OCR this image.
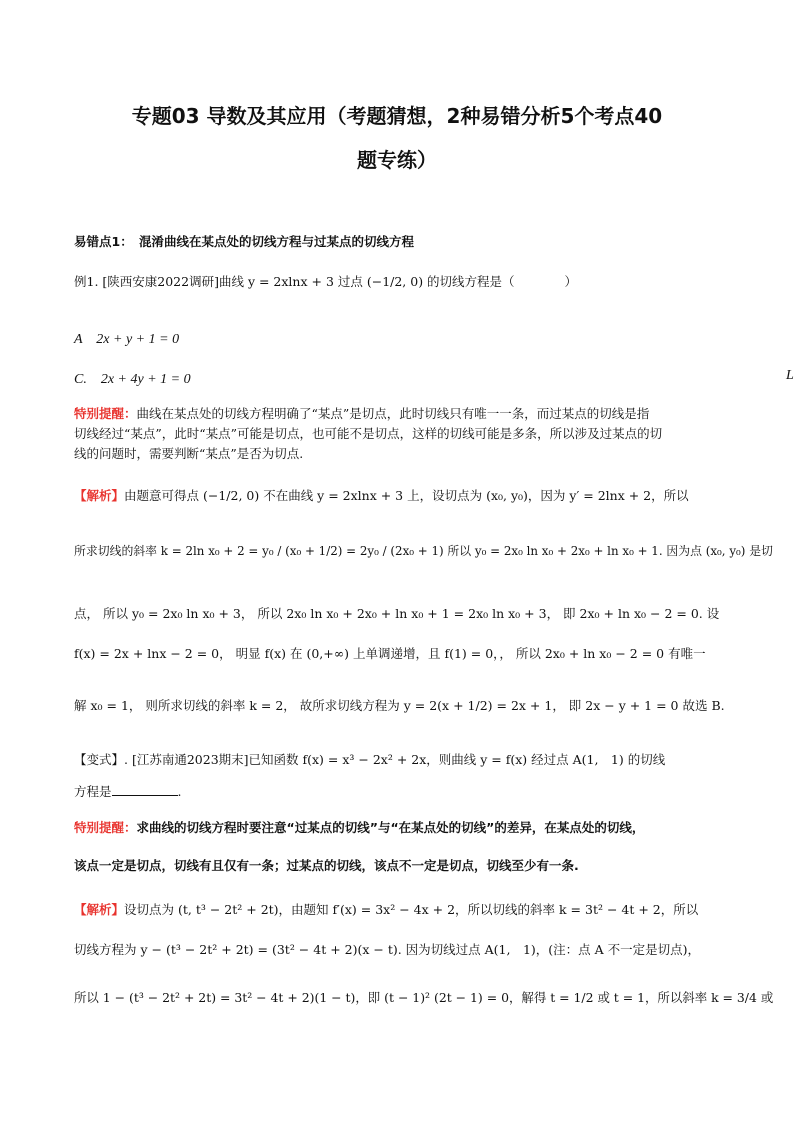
专题03 导数及其应用（考题猜想，2种易错分析5个考点40
题专练）
易错点1：　混淆曲线在某点处的切线方程与过某点的切线方程
例1. [陕西安康2022调研]曲线 y = 2xlnx + 3 过点 (−1/2, 0) 的切线方程是（　　　　）
A　2x + y + 1 = 0
C.　2x + 4y + 1 = 0	L
特别提醒：曲线在某点处的切线方程明确了“某点”是切点，此时切线只有唯一一条，而过某点的切线是指
切线经过“某点”，此时“某点”可能是切点，也可能不是切点，这样的切线可能是多条，所以涉及过某点的切
线的问题时，需要判断“某点”是否为切点.
【解析】由题意可得点 (−1/2, 0) 不在曲线 y = 2xlnx + 3 上，设切点为 (x₀, y₀)，因为 y′ = 2lnx + 2，所以
所求切线的斜率 k = 2ln x₀ + 2 = y₀ / (x₀ + 1/2) = 2y₀ / (2x₀ + 1) 所以 y₀ = 2x₀ ln x₀ + 2x₀ + ln x₀ + 1. 因为点 (x₀, y₀) 是切
点， 所以 y₀ = 2x₀ ln x₀ + 3， 所以 2x₀ ln x₀ + 2x₀ + ln x₀ + 1 = 2x₀ ln x₀ + 3， 即 2x₀ + ln x₀ − 2 = 0. 设
f(x) = 2x + lnx − 2 = 0， 明显 f(x) 在 (0,+∞) 上单调递增，且 f(1) = 0，， 所以 2x₀ + ln x₀ − 2 = 0 有唯一
解 x₀ = 1， 则所求切线的斜率 k = 2， 故所求切线方程为 y = 2(x + 1/2) = 2x + 1， 即 2x − y + 1 = 0 故选 B.
【变式】. [江苏南通2023期末]已知函数 f(x) = x³ − 2x² + 2x，则曲线 y = f(x) 经过点 A(1,　1) 的切线
方程是	.
特别提醒：求曲线的切线方程时要注意“过某点的切线”与“在某点处的切线”的差异，在某点处的切线，
该点一定是切点，切线有且仅有一条；过某点的切线，该点不一定是切点，切线至少有一条.
【解析】设切点为 (t, t³ − 2t² + 2t)，由题知 f′(x) = 3x² − 4x + 2，所以切线的斜率 k = 3t² − 4t + 2，所以
切线方程为 y − (t³ − 2t² + 2t) = (3t² − 4t + 2)(x − t). 因为切线过点 A(1,　1)，(注：点 A 不一定是切点)，
所以 1 − (t³ − 2t² + 2t) = 3t² − 4t + 2)(1 − t)，即 (t − 1)² (2t − 1) = 0，解得 t = 1/2 或 t = 1，所以斜率 k = 3/4 或
